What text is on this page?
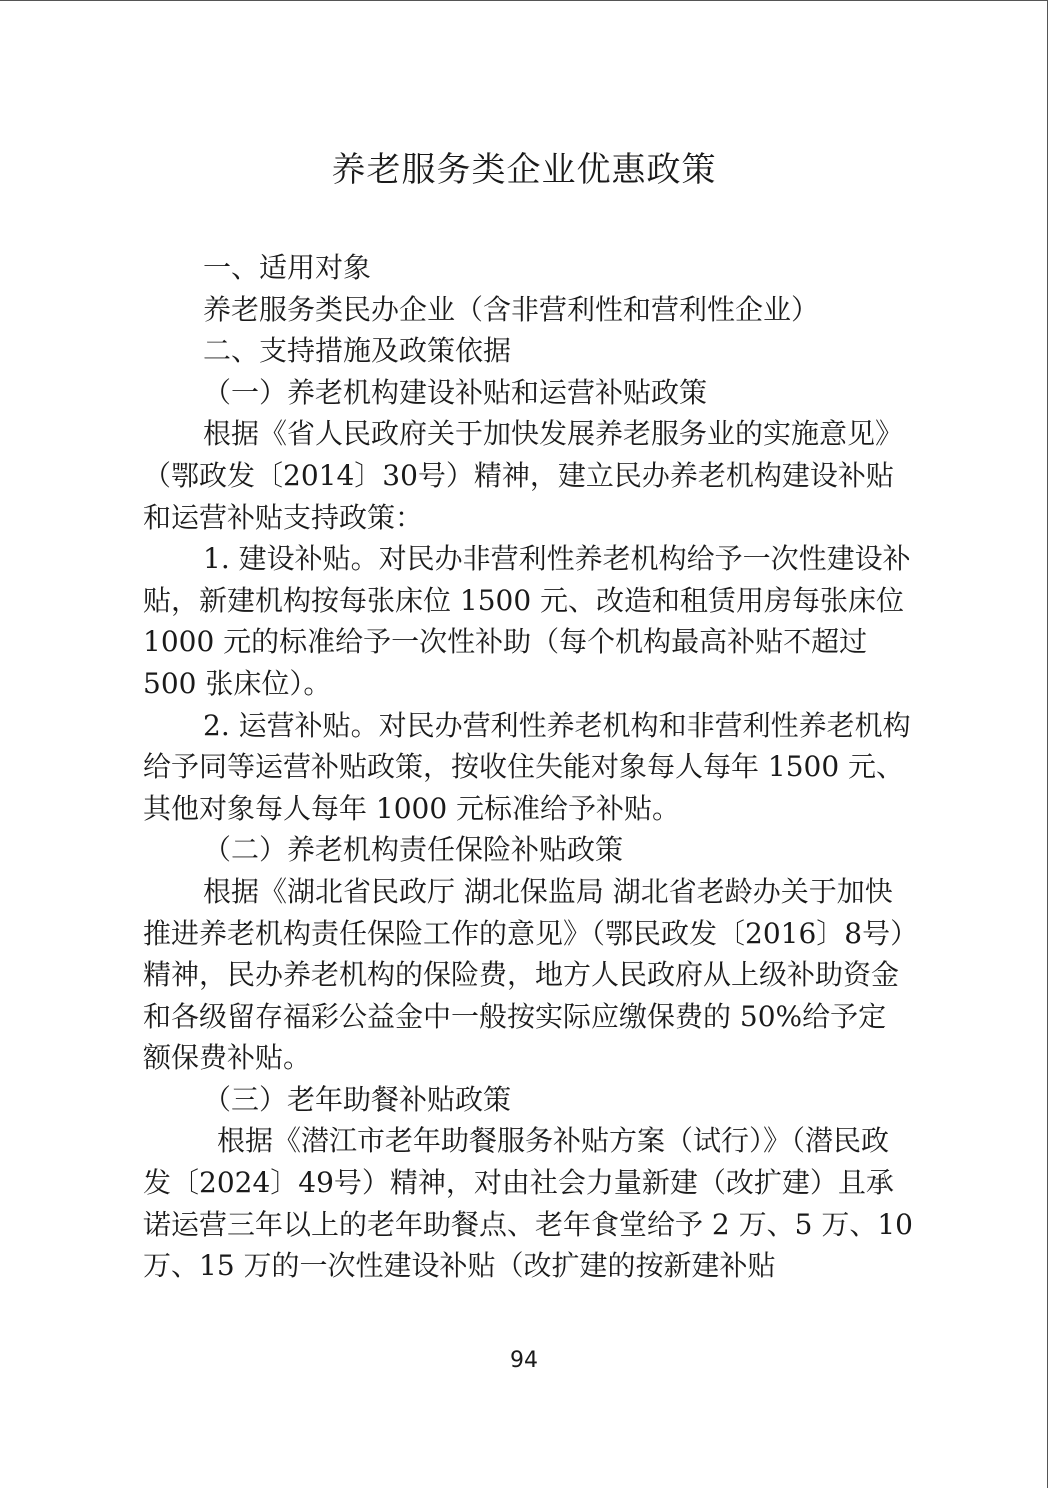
养老服务类企业优惠政策

一、适用对象

养老服务类民办企业（含非营利性和营利性企业）

二、支持措施及政策依据

（一）养老机构建设补贴和运营补贴政策

根据《省人民政府关于加快发展养老服务业的实施意见》（鄂政发〔2014〕30号）精神，建立民办养老机构建设补贴和运营补贴支持政策：

1. 建设补贴。对民办非营利性养老机构给予一次性建设补贴，新建机构按每张床位 1500 元、改造和租赁用房每张床位 1000 元的标准给予一次性补助（每个机构最高补贴不超过 500 张床位）。

2. 运营补贴。对民办营利性养老机构和非营利性养老机构给予同等运营补贴政策，按收住失能对象每人每年 1500 元、其他对象每人每年 1000 元标准给予补贴。

（二）养老机构责任保险补贴政策

根据《湖北省民政厅 湖北保监局 湖北省老龄办关于加快推进养老机构责任保险工作的意见》（鄂民政发〔2016〕8号）精神，民办养老机构的保险费，地方人民政府从上级补助资金和各级留存福彩公益金中一般按实际应缴保费的 50%给予定额保费补贴。

（三）老年助餐补贴政策

根据《潜江市老年助餐服务补贴方案（试行）》（潜民政发〔2024〕49号）精神，对由社会力量新建（改扩建）且承诺运营三年以上的老年助餐点、老年食堂给予 2 万、5 万、10 万、15 万的一次性建设补贴（改扩建的按新建补贴

94
